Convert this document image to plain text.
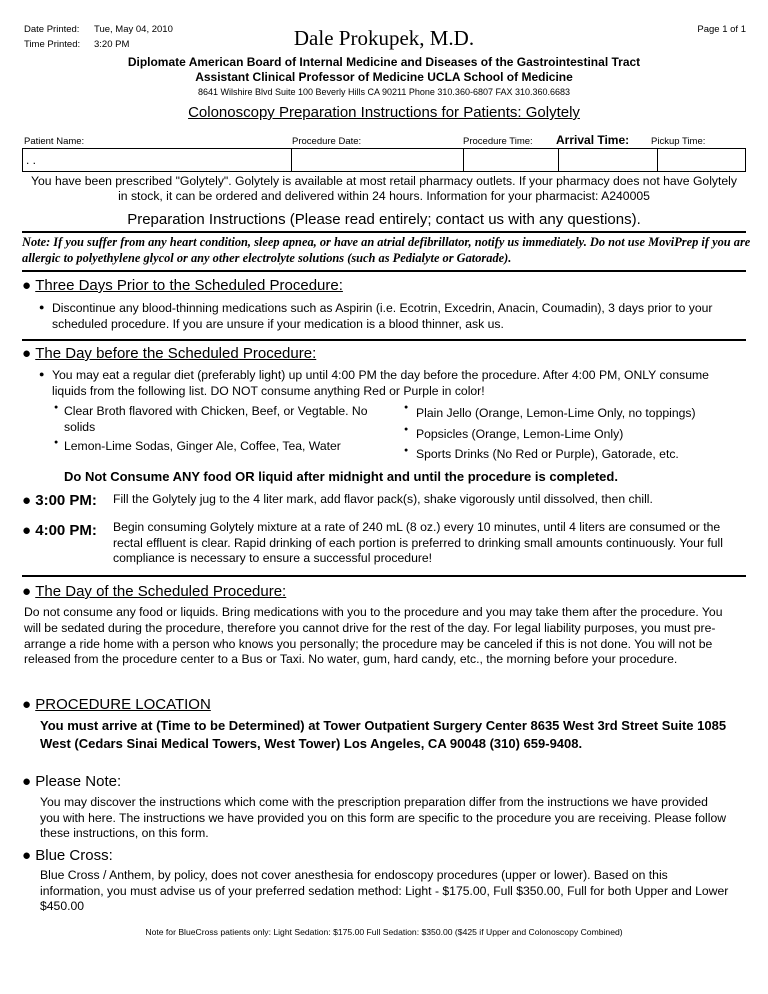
Date Printed: Tue, May 04, 2010
Time Printed: 3:20 PM
Page 1 of 1
Dale Prokupek, M.D.
Diplomate American Board of Internal Medicine and Diseases of the Gastrointestinal Tract
Assistant Clinical Professor of Medicine UCLA School of Medicine
8641 Wilshire Blvd Suite 100 Beverly Hills CA 90211 Phone 310.360-6807 FAX 310.360.6683
Colonoscopy Preparation Instructions for Patients: Golytely
Patient Name:	Procedure Date:	Procedure Time: Arrival Time: Pickup Time:
. .				
You have been prescribed "Golytely". Golytely is available at most retail pharmacy outlets. If your pharmacy does not have Golytely in stock, it can be ordered and delivered within 24 hours. Information for your pharmacist: A240005
Preparation Instructions (Please read entirely; contact us with any questions).
Note: If you suffer from any heart condition, sleep apnea, or have an atrial defibrillator, notify us immediately. Do not use MoviPrep if you are allergic to polyethylene glycol or any other electrolyte solutions (such as Pedialyte or Gatorade).
● Three Days Prior to the Scheduled Procedure:
● Discontinue any blood-thinning medications such as Aspirin (i.e. Ecotrin, Excedrin, Anacin, Coumadin), 3 days prior to your scheduled procedure. If you are unsure if your medication is a blood thinner, ask us.
● The Day before the Scheduled Procedure:
● You may eat a regular diet (preferably light) up until 4:00 PM the day before the procedure. After 4:00 PM, ONLY consume liquids from the following list. DO NOT consume anything Red or Purple in color!
● Clear Broth flavored with Chicken, Beef, or Vegtable. No solids
● Lemon-Lime Sodas, Ginger Ale, Coffee, Tea, Water
● Plain Jello (Orange, Lemon-Lime Only, no toppings)
● Popsicles (Orange, Lemon-Lime Only)
● Sports Drinks (No Red or Purple), Gatorade, etc.
Do Not Consume ANY food OR liquid after midnight and until the procedure is completed.
● 3:00 PM: Fill the Golytely jug to the 4 liter mark, add flavor pack(s), shake vigorously until dissolved, then chill.
● 4:00 PM: Begin consuming Golytely mixture at a rate of 240 mL (8 oz.) every 10 minutes, until 4 liters are consumed or the rectal effluent is clear. Rapid drinking of each portion is preferred to drinking small amounts continuously. Your full compliance is necessary to ensure a successful procedure!
● The Day of the Scheduled Procedure:
Do not consume any food or liquids. Bring medications with you to the procedure and you may take them after the procedure. You will be sedated during the procedure, therefore you cannot drive for the rest of the day. For legal liability purposes, you must pre-arrange a ride home with a person who knows you personally; the procedure may be canceled if this is not done. You will not be released from the procedure center to a Bus or Taxi. No water, gum, hard candy, etc., the morning before your procedure.
● PROCEDURE LOCATION
You must arrive at (Time to be Determined) at Tower Outpatient Surgery Center 8635 West 3rd Street Suite 1085 West (Cedars Sinai Medical Towers, West Tower) Los Angeles, CA 90048 (310) 659-9408.
● Please Note:
You may discover the instructions which come with the prescription preparation differ from the instructions we have provided you with here. The instructions we have provided you on this form are specific to the procedure you are receiving. Please follow these instructions, on this form.
● Blue Cross:
Blue Cross / Anthem, by policy, does not cover anesthesia for endoscopy procedures (upper or lower). Based on this information, you must advise us of your preferred sedation method: Light - $175.00, Full $350.00, Full for both Upper and Lower $450.00
Note for BlueCross patients only: Light Sedation: $175.00 Full Sedation: $350.00 ($425 if Upper and Colonoscopy Combined)
